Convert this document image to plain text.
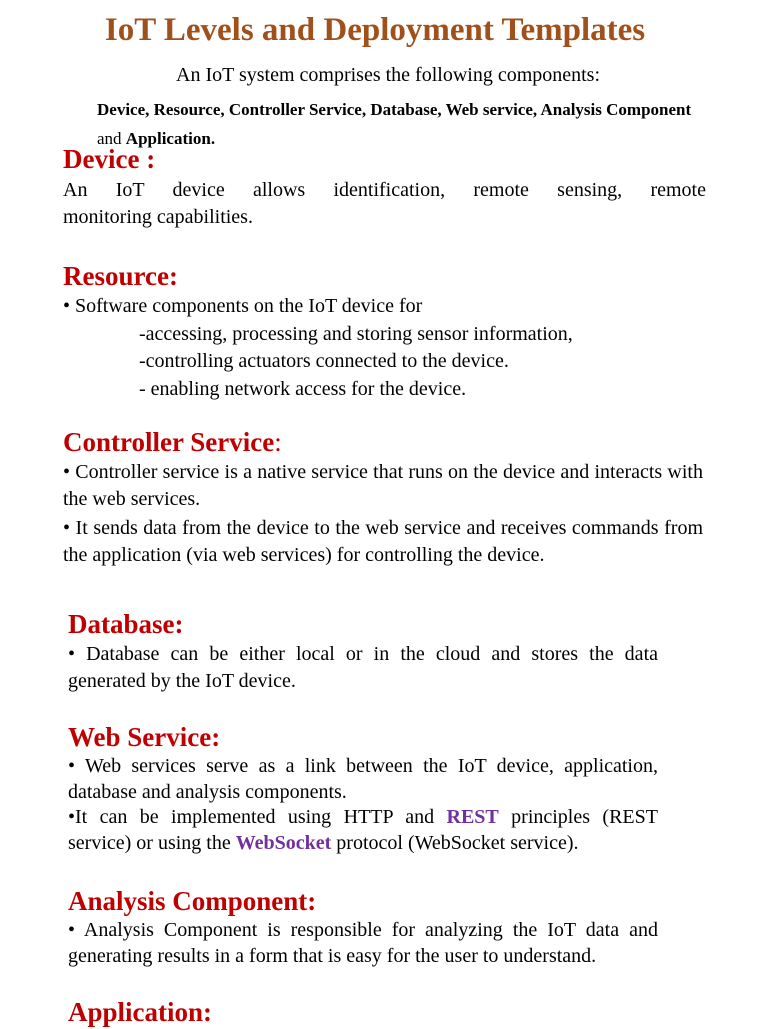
IoT Levels and Deployment Templates

An IoT system comprises the following components:

Device, Resource, Controller Service, Database, Web service, Analysis Component and Application.

Device :
An IoT device allows identification, remote sensing, remote
monitoring capabilities.
Resource:
• Software components on the IoT device for
-accessing, processing and storing sensor information,
-controlling actuators connected to the device.
- enabling network access for the device.
Controller Service:
• Controller service is a native service that runs on the device and interacts with the web services.
• It sends data from the device to the web service and receives commands from the application (via web services) for controlling the device.
Database:
• Database can be either local or in the cloud and stores the data
generated by the IoT device.
Web Service:
• Web services serve as a link between the IoT device, application,
database and analysis components.
•It can be implemented using HTTP and REST principles (REST
service) or using the WebSocket protocol (WebSocket service).
Analysis Component:
• Analysis Component is responsible for analyzing the IoT data and
generating results in a form that is easy for the user to understand.
Application:
